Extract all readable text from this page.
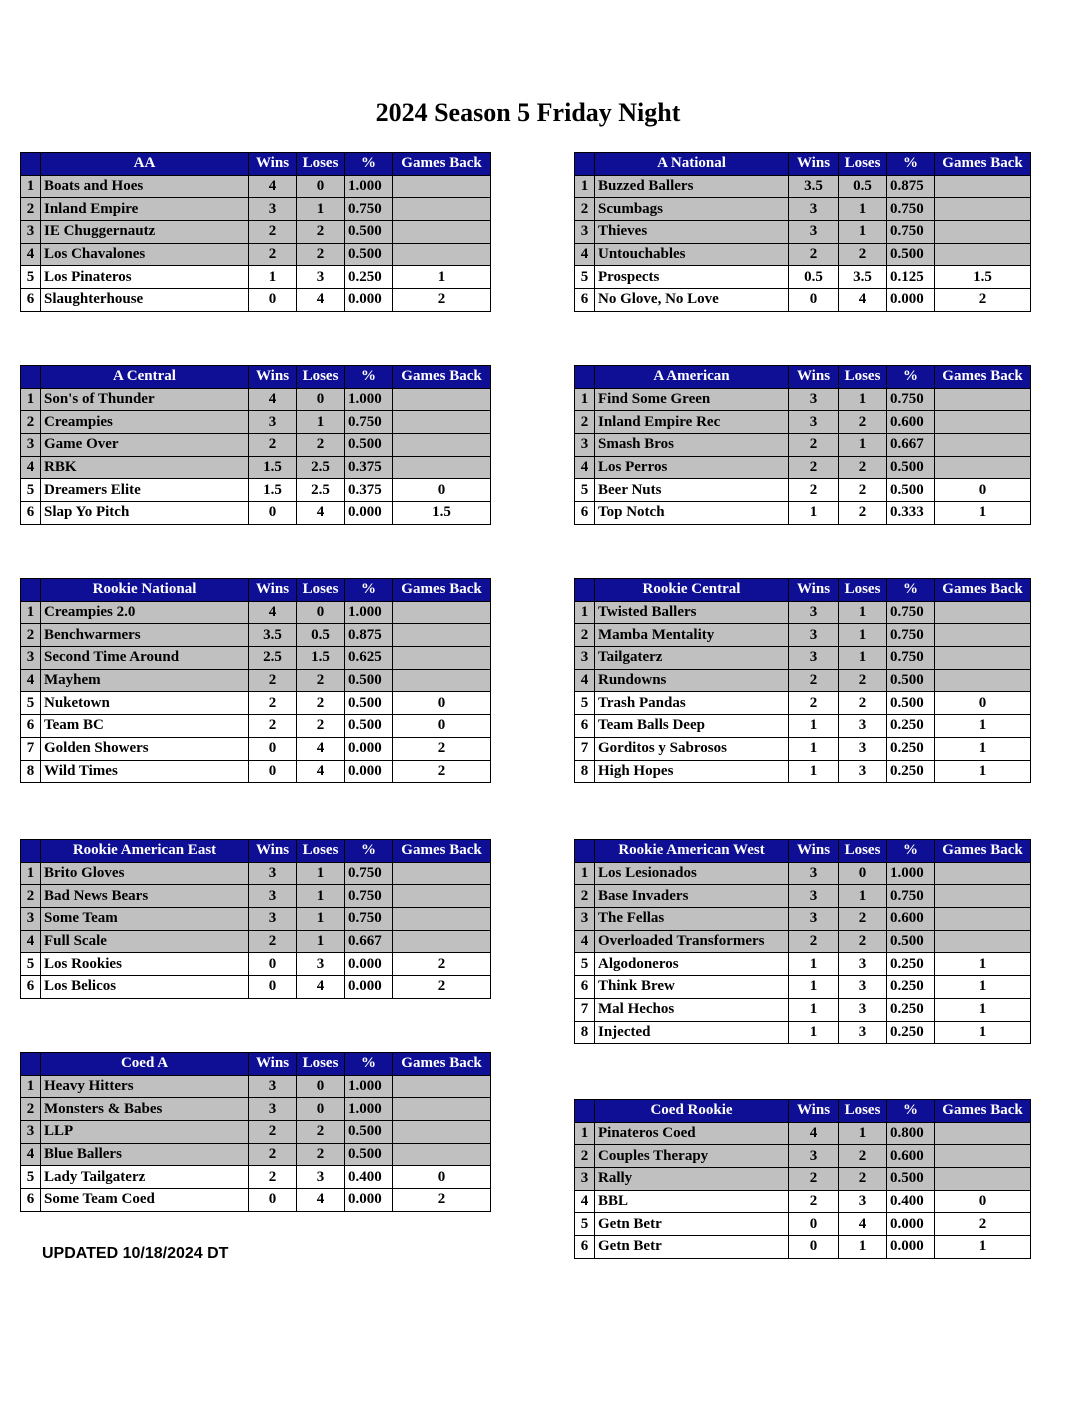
2024 Season 5 Friday Night
	AA	Wins	Loses	%	Games Back
1	Boats and Hoes	4	0	1.000	
2	Inland Empire	3	1	0.750	
3	IE Chuggernautz	2	2	0.500	
4	Los Chavalones	2	2	0.500	
5	Los Pinateros	1	3	0.250	1
6	Slaughterhouse	0	4	0.000	2
	A National	Wins	Loses	%	Games Back
1	Buzzed Ballers	3.5	0.5	0.875	
2	Scumbags	3	1	0.750	
3	Thieves	3	1	0.750	
4	Untouchables	2	2	0.500	
5	Prospects	0.5	3.5	0.125	1.5
6	No Glove, No Love	0	4	0.000	2
	A Central	Wins	Loses	%	Games Back
1	Son's of Thunder	4	0	1.000	
2	Creampies	3	1	0.750	
3	Game Over	2	2	0.500	
4	RBK	1.5	2.5	0.375	
5	Dreamers Elite	1.5	2.5	0.375	0
6	Slap Yo Pitch	0	4	0.000	1.5
	A American	Wins	Loses	%	Games Back
1	Find Some Green	3	1	0.750	
2	Inland Empire Rec	3	2	0.600	
3	Smash Bros	2	1	0.667	
4	Los Perros	2	2	0.500	
5	Beer Nuts	2	2	0.500	0
6	Top Notch	1	2	0.333	1
	Rookie National	Wins	Loses	%	Games Back
1	Creampies 2.0	4	0	1.000	
2	Benchwarmers	3.5	0.5	0.875	
3	Second Time Around	2.5	1.5	0.625	
4	Mayhem	2	2	0.500	
5	Nuketown	2	2	0.500	0
6	Team BC	2	2	0.500	0
7	Golden Showers	0	4	0.000	2
8	Wild Times	0	4	0.000	2
	Rookie Central	Wins	Loses	%	Games Back
1	Twisted Ballers	3	1	0.750	
2	Mamba Mentality	3	1	0.750	
3	Tailgaterz	3	1	0.750	
4	Rundowns	2	2	0.500	
5	Trash Pandas	2	2	0.500	0
6	Team Balls Deep	1	3	0.250	1
7	Gorditos y Sabrosos	1	3	0.250	1
8	High Hopes	1	3	0.250	1
	Rookie American East	Wins	Loses	%	Games Back
1	Brito Gloves	3	1	0.750	
2	Bad News Bears	3	1	0.750	
3	Some Team	3	1	0.750	
4	Full Scale	2	1	0.667	
5	Los Rookies	0	3	0.000	2
6	Los Belicos	0	4	0.000	2
	Rookie American West	Wins	Loses	%	Games Back
1	Los Lesionados	3	0	1.000	
2	Base Invaders	3	1	0.750	
3	The Fellas	3	2	0.600	
4	Overloaded Transformers	2	2	0.500	
5	Algodoneros	1	3	0.250	1
6	Think Brew	1	3	0.250	1
7	Mal Hechos	1	3	0.250	1
8	Injected	1	3	0.250	1
	Coed A	Wins	Loses	%	Games Back
1	Heavy Hitters	3	0	1.000	
2	Monsters & Babes	3	0	1.000	
3	LLP	2	2	0.500	
4	Blue Ballers	2	2	0.500	
5	Lady Tailgaterz	2	3	0.400	0
6	Some Team Coed	0	4	0.000	2
	Coed Rookie	Wins	Loses	%	Games Back
1	Pinateros Coed	4	1	0.800	
2	Couples Therapy	3	2	0.600	
3	Rally	2	2	0.500	
4	BBL	2	3	0.400	0
5	Getn Betr	0	4	0.000	2
6	Getn Betr	0	1	0.000	1
UPDATED 10/18/2024 DT
